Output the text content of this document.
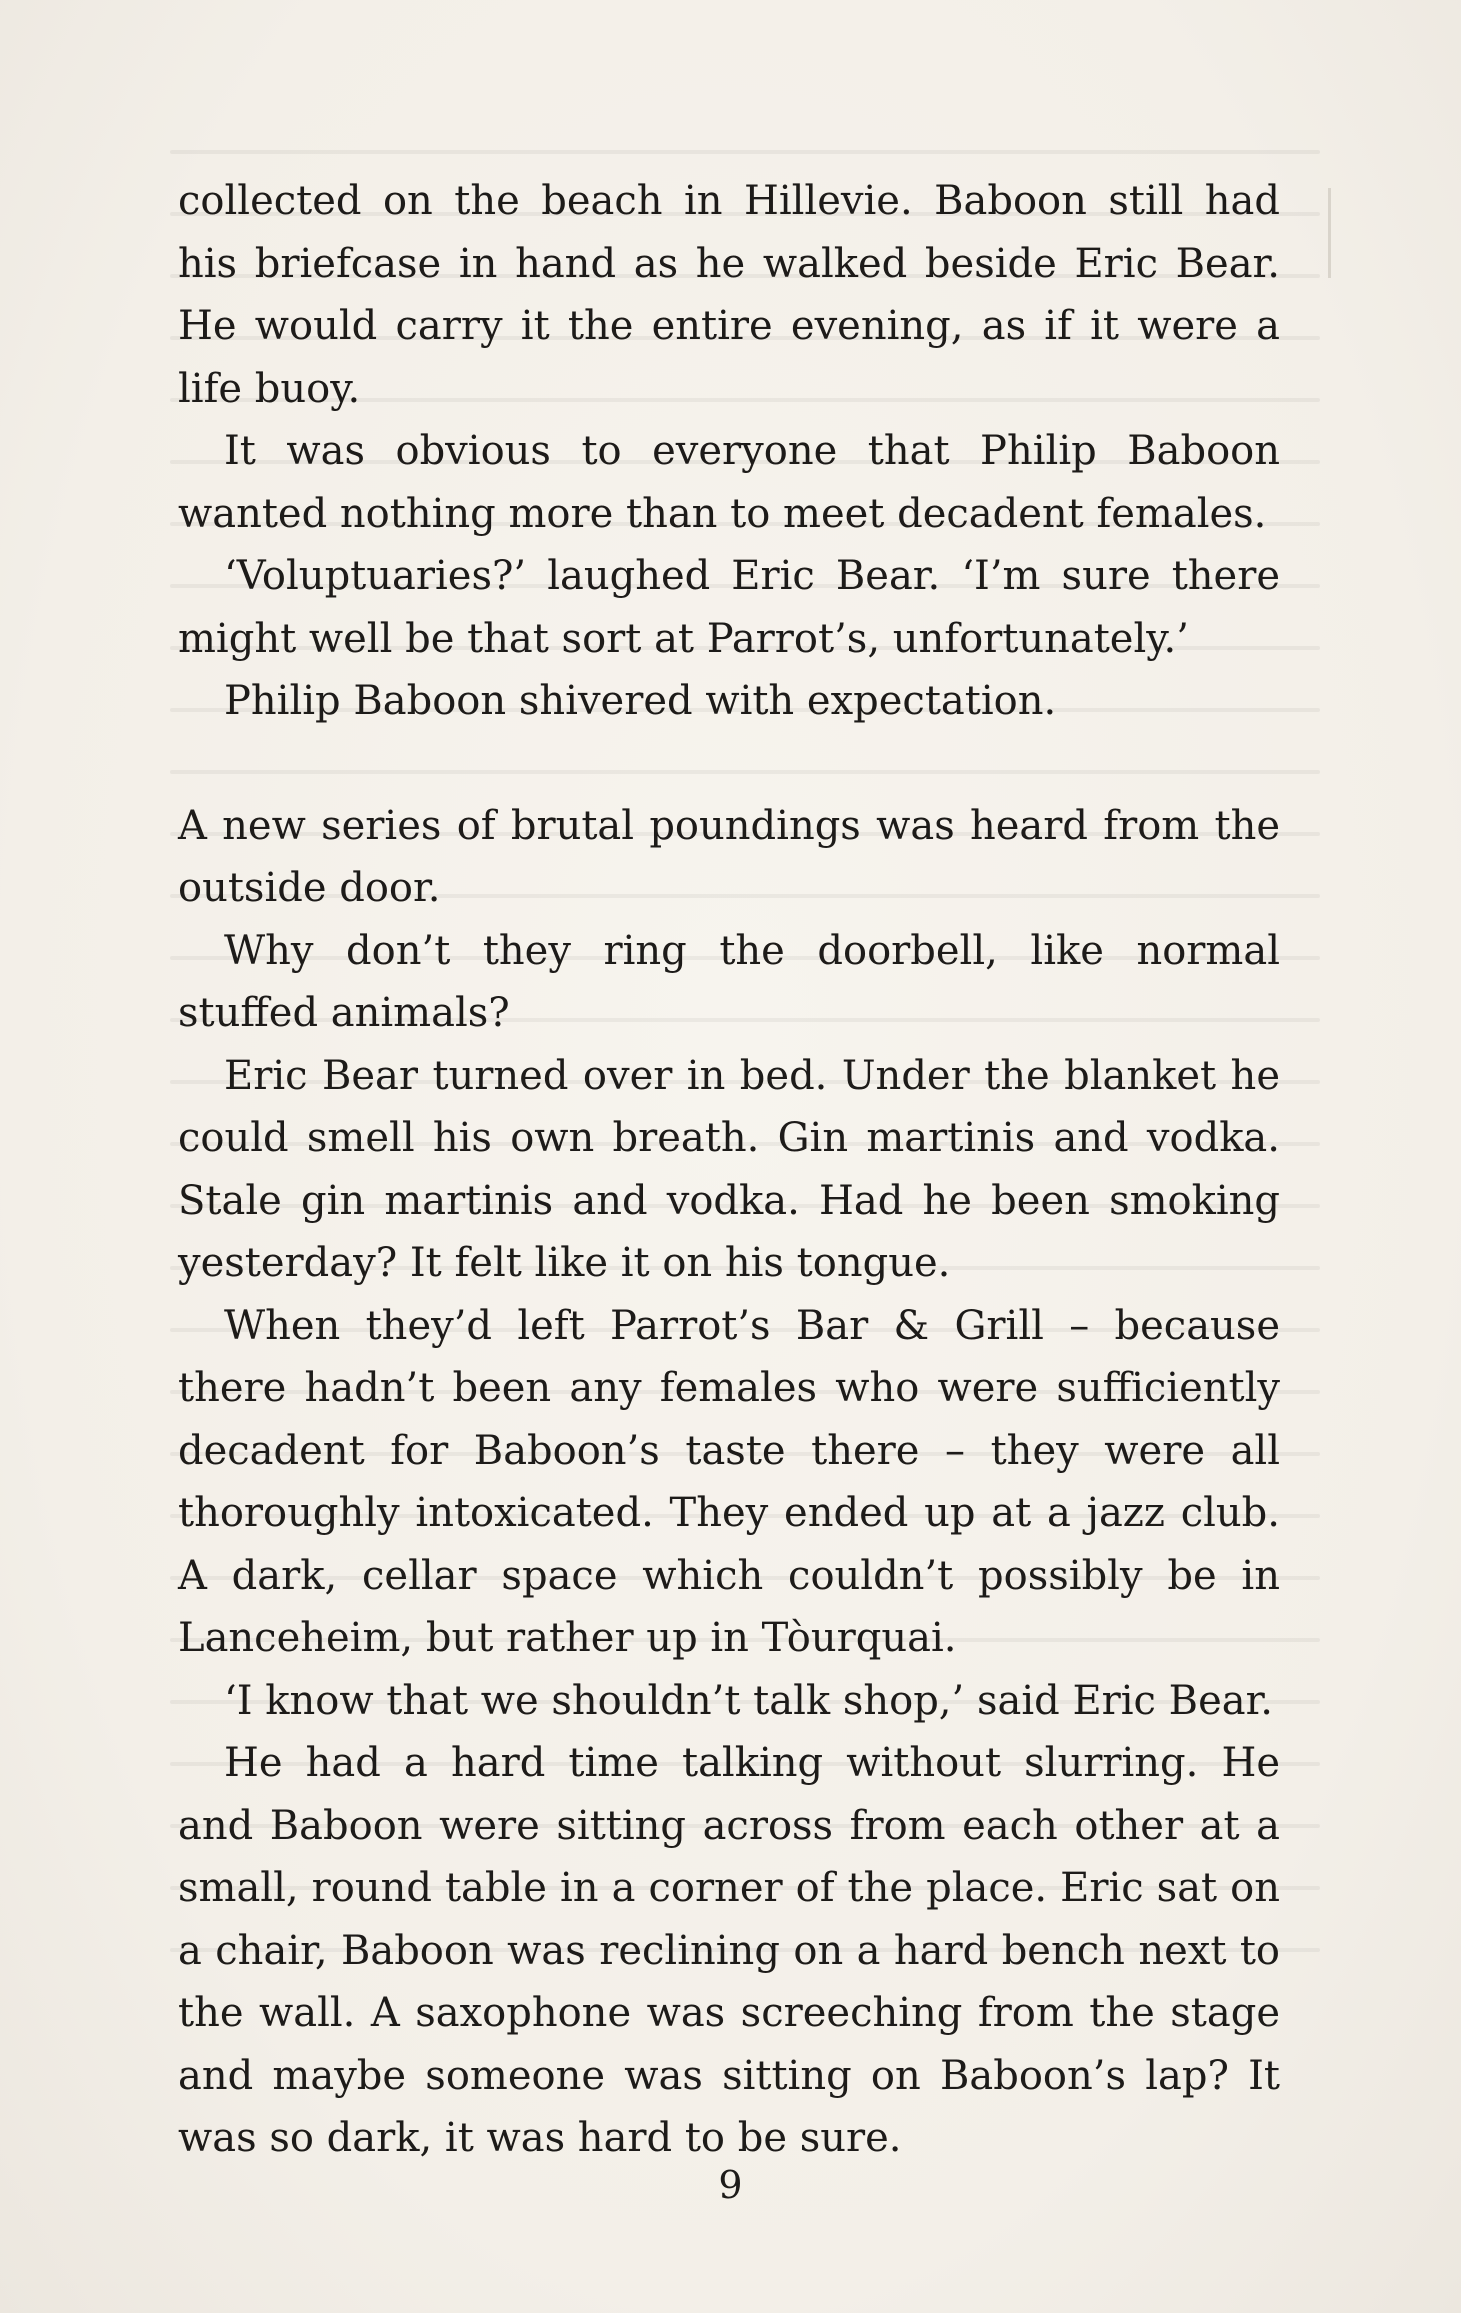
collected on the beach in Hillevie. Baboon still had his briefcase in hand as he walked beside Eric Bear. He would carry it the entire evening, as if it were a life buoy.

It was obvious to everyone that Philip Baboon wanted nothing more than to meet decadent females.

‘Voluptuaries?’ laughed Eric Bear. ‘I’m sure there might well be that sort at Parrot’s, unfortunately.’

Philip Baboon shivered with expectation.

A new series of brutal poundings was heard from the outside door.

Why don’t they ring the doorbell, like normal stuffed animals?

Eric Bear turned over in bed. Under the blanket he could smell his own breath. Gin martinis and vodka. Stale gin martinis and vodka. Had he been smoking yesterday? It felt like it on his tongue.

When they’d left Parrot’s Bar & Grill – because there hadn’t been any females who were sufficiently decadent for Baboon’s taste there – they were all thoroughly intoxicated. They ended up at a jazz club. A dark, cellar space which couldn’t possibly be in Lanceheim, but rather up in Tòurquai.

‘I know that we shouldn’t talk shop,’ said Eric Bear.

He had a hard time talking without slurring. He and Baboon were sitting across from each other at a small, round table in a corner of the place. Eric sat on a chair, Baboon was reclining on a hard bench next to the wall. A saxophone was screeching from the stage and maybe someone was sitting on Baboon’s lap? It was so dark, it was hard to be sure.

9
